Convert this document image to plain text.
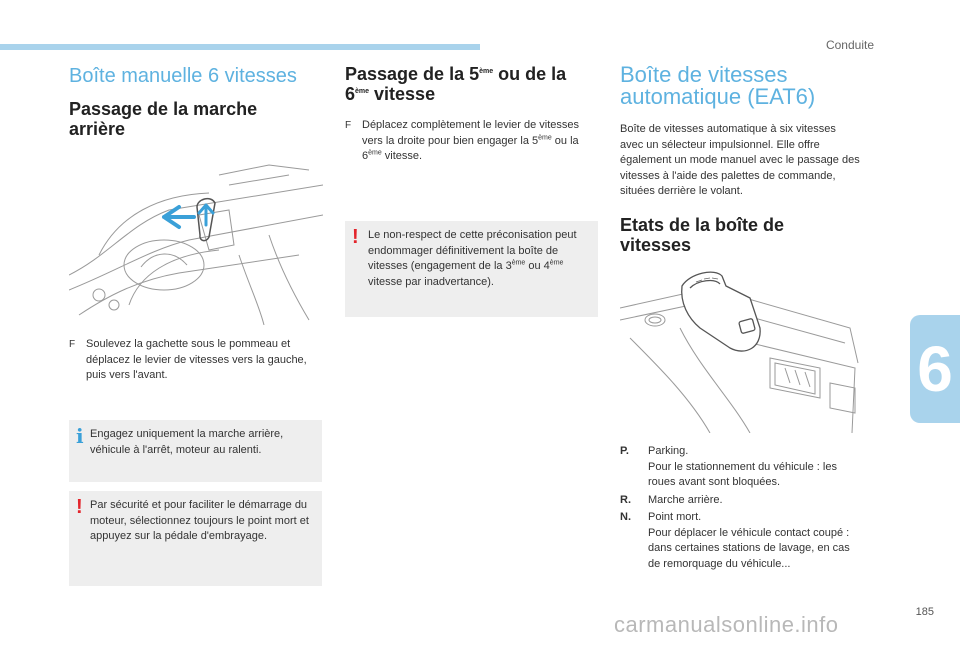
Conduite
6
185
Boîte manuelle 6 vitesses
Passage de la marche
arrière
F Soulevez la gachette sous le pommeau et déplacez le levier de vitesses vers la gauche, puis vers l'avant.
i Engagez uniquement la marche arrière, véhicule à l'arrêt, moteur au ralenti.
! Par sécurité et pour faciliter le démarrage du moteur, sélectionnez toujours le point mort et appuyez sur la pédale d'embrayage.
Passage de la 5ème ou de la
6ème vitesse
F Déplacez complètement le levier de vitesses vers la droite pour bien engager la 5ème ou la 6ème vitesse.
! Le non-respect de cette préconisation peut endommager définitivement la boîte de vitesses (engagement de la 3ème ou 4ème vitesse par inadvertance).
Boîte de vitesses
automatique (EAT6)
Boîte de vitesses automatique à six vitesses avec un sélecteur impulsionnel. Elle offre également un mode manuel avec le passage des vitesses à l'aide des palettes de commande, situées derrière le volant.
Etats de la boîte de
vitesses
P. Parking.
Pour le stationnement du véhicule : les roues avant sont bloquées.
R. Marche arrière.
N. Point mort.
Pour déplacer le véhicule contact coupé : dans certaines stations de lavage, en cas de remorquage du véhicule...
carmanualsonline.info
